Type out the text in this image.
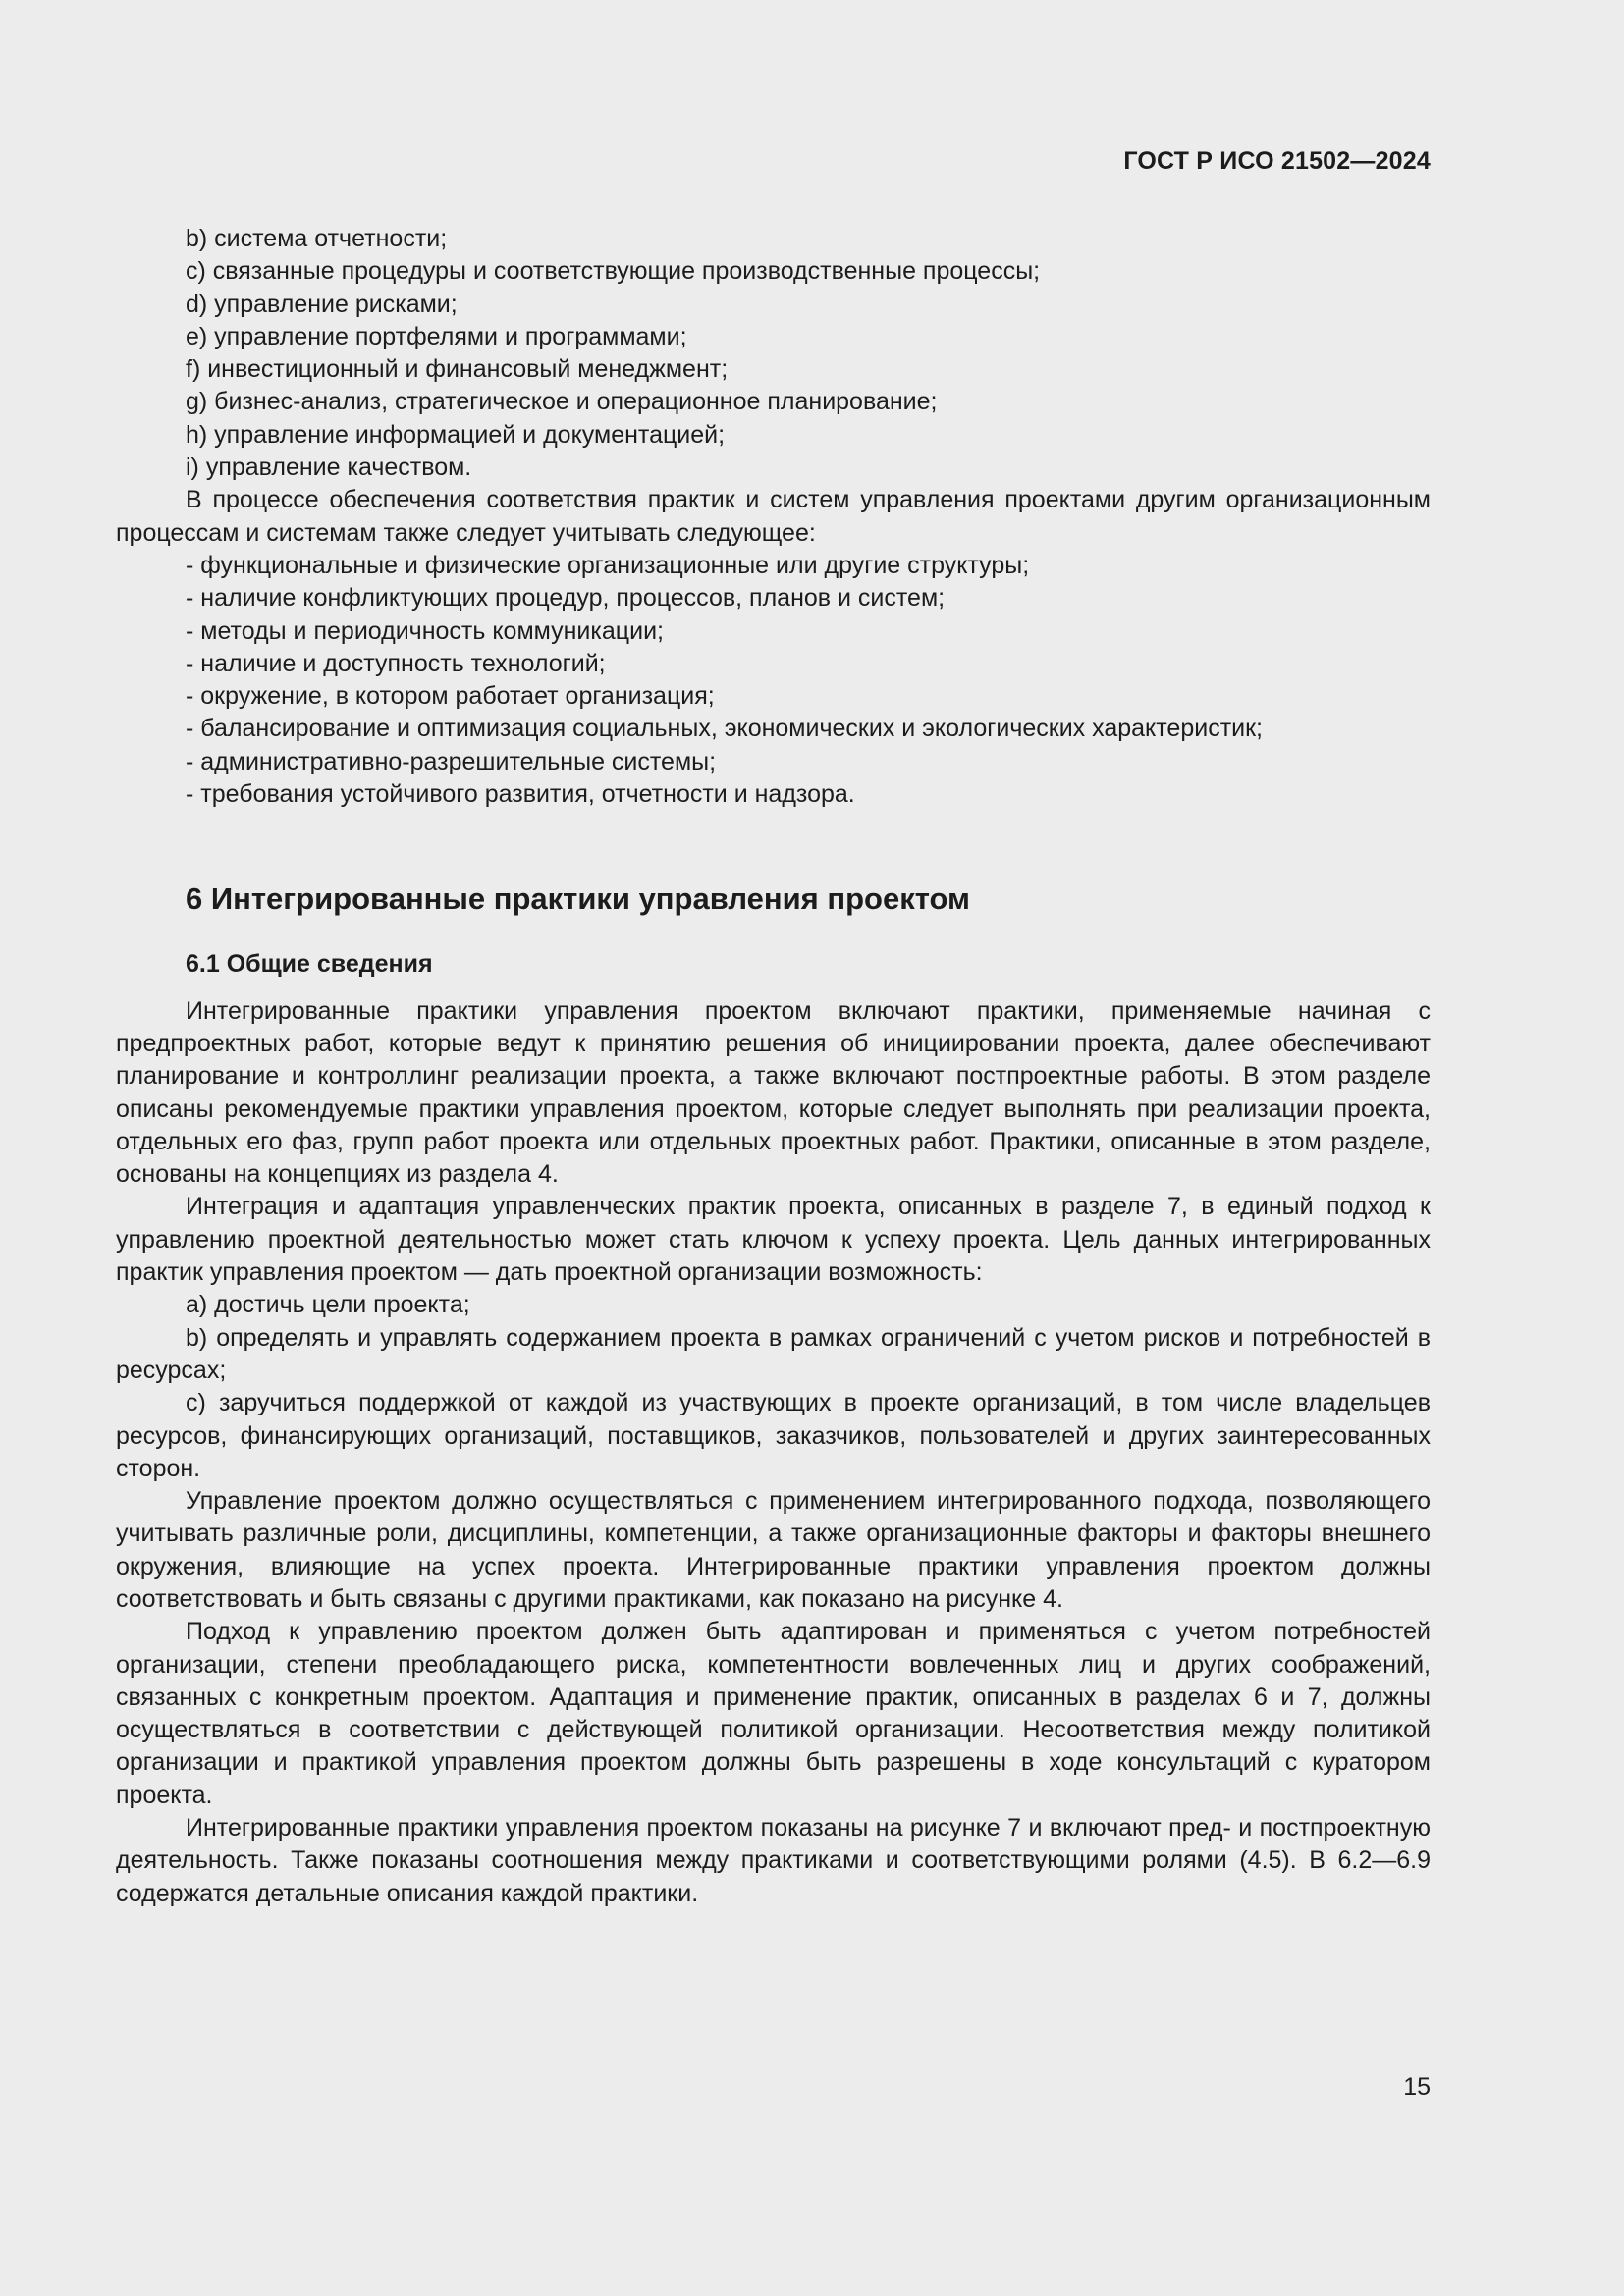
ГОСТ Р ИСО 21502—2024

b) система отчетности;

c) связанные процедуры и соответствующие производственные процессы;

d) управление рисками;

e) управление портфелями и программами;

f) инвестиционный и финансовый менеджмент;

g) бизнес-анализ, стратегическое и операционное планирование;

h) управление информацией и документацией;

i) управление качеством.

В процессе обеспечения соответствия практик и систем управления проектами другим организационным процессам и системам также следует учитывать следующее:

- функциональные и физические организационные или другие структуры;

- наличие конфликтующих процедур, процессов, планов и систем;

- методы и периодичность коммуникации;

- наличие и доступность технологий;

- окружение, в котором работает организация;

- балансирование и оптимизация социальных, экономических и экологических характеристик;

- административно-разрешительные системы;

- требования устойчивого развития, отчетности и надзора.

6 Интегрированные практики управления проектом
6.1 Общие сведения

Интегрированные практики управления проектом включают практики, применяемые начиная с предпроектных работ, которые ведут к принятию решения об инициировании проекта, далее обеспечивают планирование и контроллинг реализации проекта, а также включают постпроектные работы. В этом разделе описаны рекомендуемые практики управления проектом, которые следует выполнять при реализации проекта, отдельных его фаз, групп работ проекта или отдельных проектных работ. Практики, описанные в этом разделе, основаны на концепциях из раздела 4.

Интеграция и адаптация управленческих практик проекта, описанных в разделе 7, в единый подход к управлению проектной деятельностью может стать ключом к успеху проекта. Цель данных интегрированных практик управления проектом — дать проектной организации возможность:

a) достичь цели проекта;

b) определять и управлять содержанием проекта в рамках ограничений с учетом рисков и потребностей в ресурсах;

c) заручиться поддержкой от каждой из участвующих в проекте организаций, в том числе владельцев ресурсов, финансирующих организаций, поставщиков, заказчиков, пользователей и других заинтересованных сторон.

Управление проектом должно осуществляться с применением интегрированного подхода, позволяющего учитывать различные роли, дисциплины, компетенции, а также организационные факторы и факторы внешнего окружения, влияющие на успех проекта. Интегрированные практики управления проектом должны соответствовать и быть связаны с другими практиками, как показано на рисунке 4.

Подход к управлению проектом должен быть адаптирован и применяться с учетом потребностей организации, степени преобладающего риска, компетентности вовлеченных лиц и других соображений, связанных с конкретным проектом. Адаптация и применение практик, описанных в разделах 6 и 7, должны осуществляться в соответствии с действующей политикой организации. Несоответствия между политикой организации и практикой управления проектом должны быть разрешены в ходе консультаций с куратором проекта.

Интегрированные практики управления проектом показаны на рисунке 7 и включают пред- и постпроектную деятельность. Также показаны соотношения между практиками и соответствующими ролями (4.5). В 6.2—6.9 содержатся детальные описания каждой практики.

15
